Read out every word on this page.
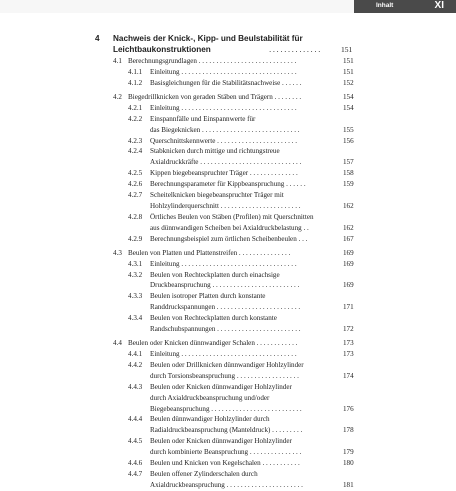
Inhalt	XI
4 Nachweis der Knick-, Kipp- und Beulstabilität für
Leichtbaukonstruktionen	..............	151
4.1 Berechnungsgrundlagen . . . . . . . . . . . . . . . . . . . . . . . . . . . .	151
4.1.1 Einleitung . . . . . . . . . . . . . . . . . . . . . . . . . . . . . . . . .	151
4.1.2 Basisgleichungen für die Stabilitätsnachweise . . . . . .	152
4.2 Biegedrillknicken von geraden Stäben und Trägern . . . . . . . .	154
4.2.1 Einleitung . . . . . . . . . . . . . . . . . . . . . . . . . . . . . . . . .	154
4.2.2 Einspannfälle und Einspannwerte für
das Biegeknicken . . . . . . . . . . . . . . . . . . . . . . . . . . . .	155
4.2.3 Querschnittskennwerte . . . . . . . . . . . . . . . . . . . . . . .	156
4.2.4 Stabknicken durch mittige und richtungstreue
Axialdruckkräfte . . . . . . . . . . . . . . . . . . . . . . . . . . . . .	157
4.2.5 Kippen biegebeanspruchter Träger . . . . . . . . . . . . . .	158
4.2.6 Berechnungsparameter für Kippbeanspruchung . . . . . .	159
4.2.7 Scheitelknicken biegebeanspruchter Träger mit
Hohlzylinderquerschnitt . . . . . . . . . . . . . . . . . . . . . . .	162
4.2.8 Örtliches Beulen von Stäben (Profilen) mit Querschnitten
aus dünnwandigen Scheiben bei Axialdruckbelastung . .	162
4.2.9 Berechnungsbeispiel zum örtlichen Scheibenbeulen . . .	167
4.3 Beulen von Platten und Plattenstreifen . . . . . . . . . . . . . . .	169
4.3.1 Einleitung . . . . . . . . . . . . . . . . . . . . . . . . . . . . . . . . .	169
4.3.2 Beulen von Rechteckplatten durch einachsige
Druckbeanspruchung . . . . . . . . . . . . . . . . . . . . . . . . .	169
4.3.3 Beulen isotroper Platten durch konstante
Randdruckspannungen . . . . . . . . . . . . . . . . . . . . . . . .	171
4.3.4 Beulen von Rechteckplatten durch konstante
Randschubspannungen . . . . . . . . . . . . . . . . . . . . . . . .	172
4.4 Beulen oder Knicken dünnwandiger Schalen . . . . . . . . . . . .	173
4.4.1 Einleitung . . . . . . . . . . . . . . . . . . . . . . . . . . . . . . . . .	173
4.4.2 Beulen oder Drillknicken dünnwandiger Hohlzylinder
durch Torsionsbeanspruchung . . . . . . . . . . . . . . . . . .	174
4.4.3 Beulen oder Knicken dünnwandiger Hohlzylinder
durch Axialdruckbeanspruchung und/oder
Biegebeanspruchung . . . . . . . . . . . . . . . . . . . . . . . . . .	176
4.4.4 Beulen dünnwandiger Hohlzylinder durch
Radialdruckbeanspruchung (Manteldruck) . . . . . . . . .	178
4.4.5 Beulen oder Knicken dünnwandiger Hohlzylinder
durch kombinierte Beanspruchung . . . . . . . . . . . . . . .	179
4.4.6 Beulen und Knicken von Kegelschalen . . . . . . . . . . .	180
4.4.7 Beulen offener Zylinderschalen durch
Axialdruckbeanspruchung . . . . . . . . . . . . . . . . . . . . . .	181
